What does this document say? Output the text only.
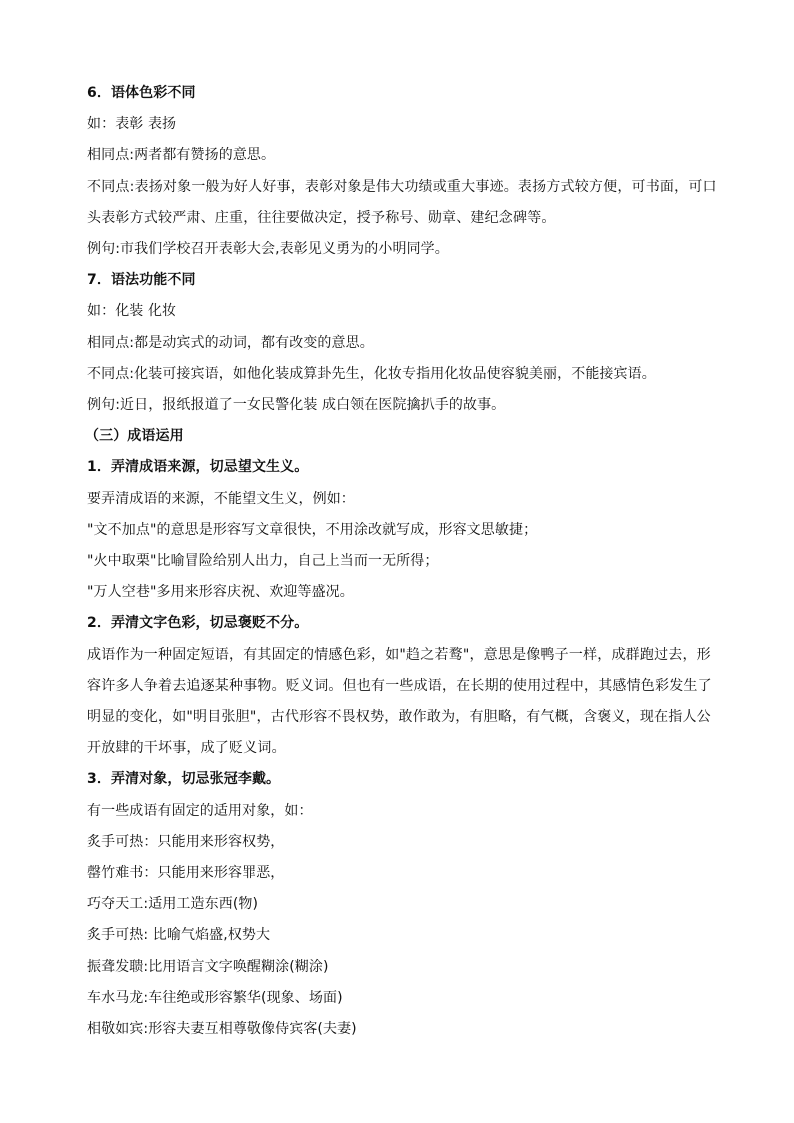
6．语体色彩不同
如：表彰 表扬
相同点:两者都有赞扬的意思。
不同点:表扬对象一般为好人好事，表彰对象是伟大功绩或重大事迹。表扬方式较方便，可书面，可口头表彰方式较严肃、庄重，往往要做决定，授予称号、勋章、建纪念碑等。
例句:市我们学校召开表彰大会,表彰见义勇为的小明同学。
7．语法功能不同
如：化装 化妆
相同点:都是动宾式的动词，都有改变的意思。
不同点:化装可接宾语，如他化装成算卦先生，化妆专指用化妆品使容貌美丽，不能接宾语。
例句:近日，报纸报道了一女民警化装 成白领在医院擒扒手的故事。
（三）成语运用
1．弄清成语来源，切忌望文生义。
要弄清成语的来源，不能望文生义，例如：
"文不加点"的意思是形容写文章很快，不用涂改就写成，形容文思敏捷；
"火中取栗"比喻冒险给别人出力，自己上当而一无所得；
"万人空巷"多用来形容庆祝、欢迎等盛况。
2．弄清文字色彩，切忌褒贬不分。
成语作为一种固定短语，有其固定的情感色彩，如"趋之若鹜"，意思是像鸭子一样，成群跑过去，形容许多人争着去追逐某种事物。贬义词。但也有一些成语，在长期的使用过程中，其感情色彩发生了明显的变化，如"明目张胆"，古代形容不畏权势，敢作敢为，有胆略，有气概，含褒义，现在指人公开放肆的干坏事，成了贬义词。
3．弄清对象，切忌张冠李戴。
有一些成语有固定的适用对象，如：
炙手可热：只能用来形容权势，
罄竹难书：只能用来形容罪恶，
巧夺天工:适用工造东西(物)
炙手可热: 比喻气焰盛,权势大
振聋发聩:比用语言文字唤醒糊涂(糊涂)
车水马龙:车往绝或形容繁华(现象、场面)
相敬如宾:形容夫妻互相尊敬像侍宾客(夫妻)
